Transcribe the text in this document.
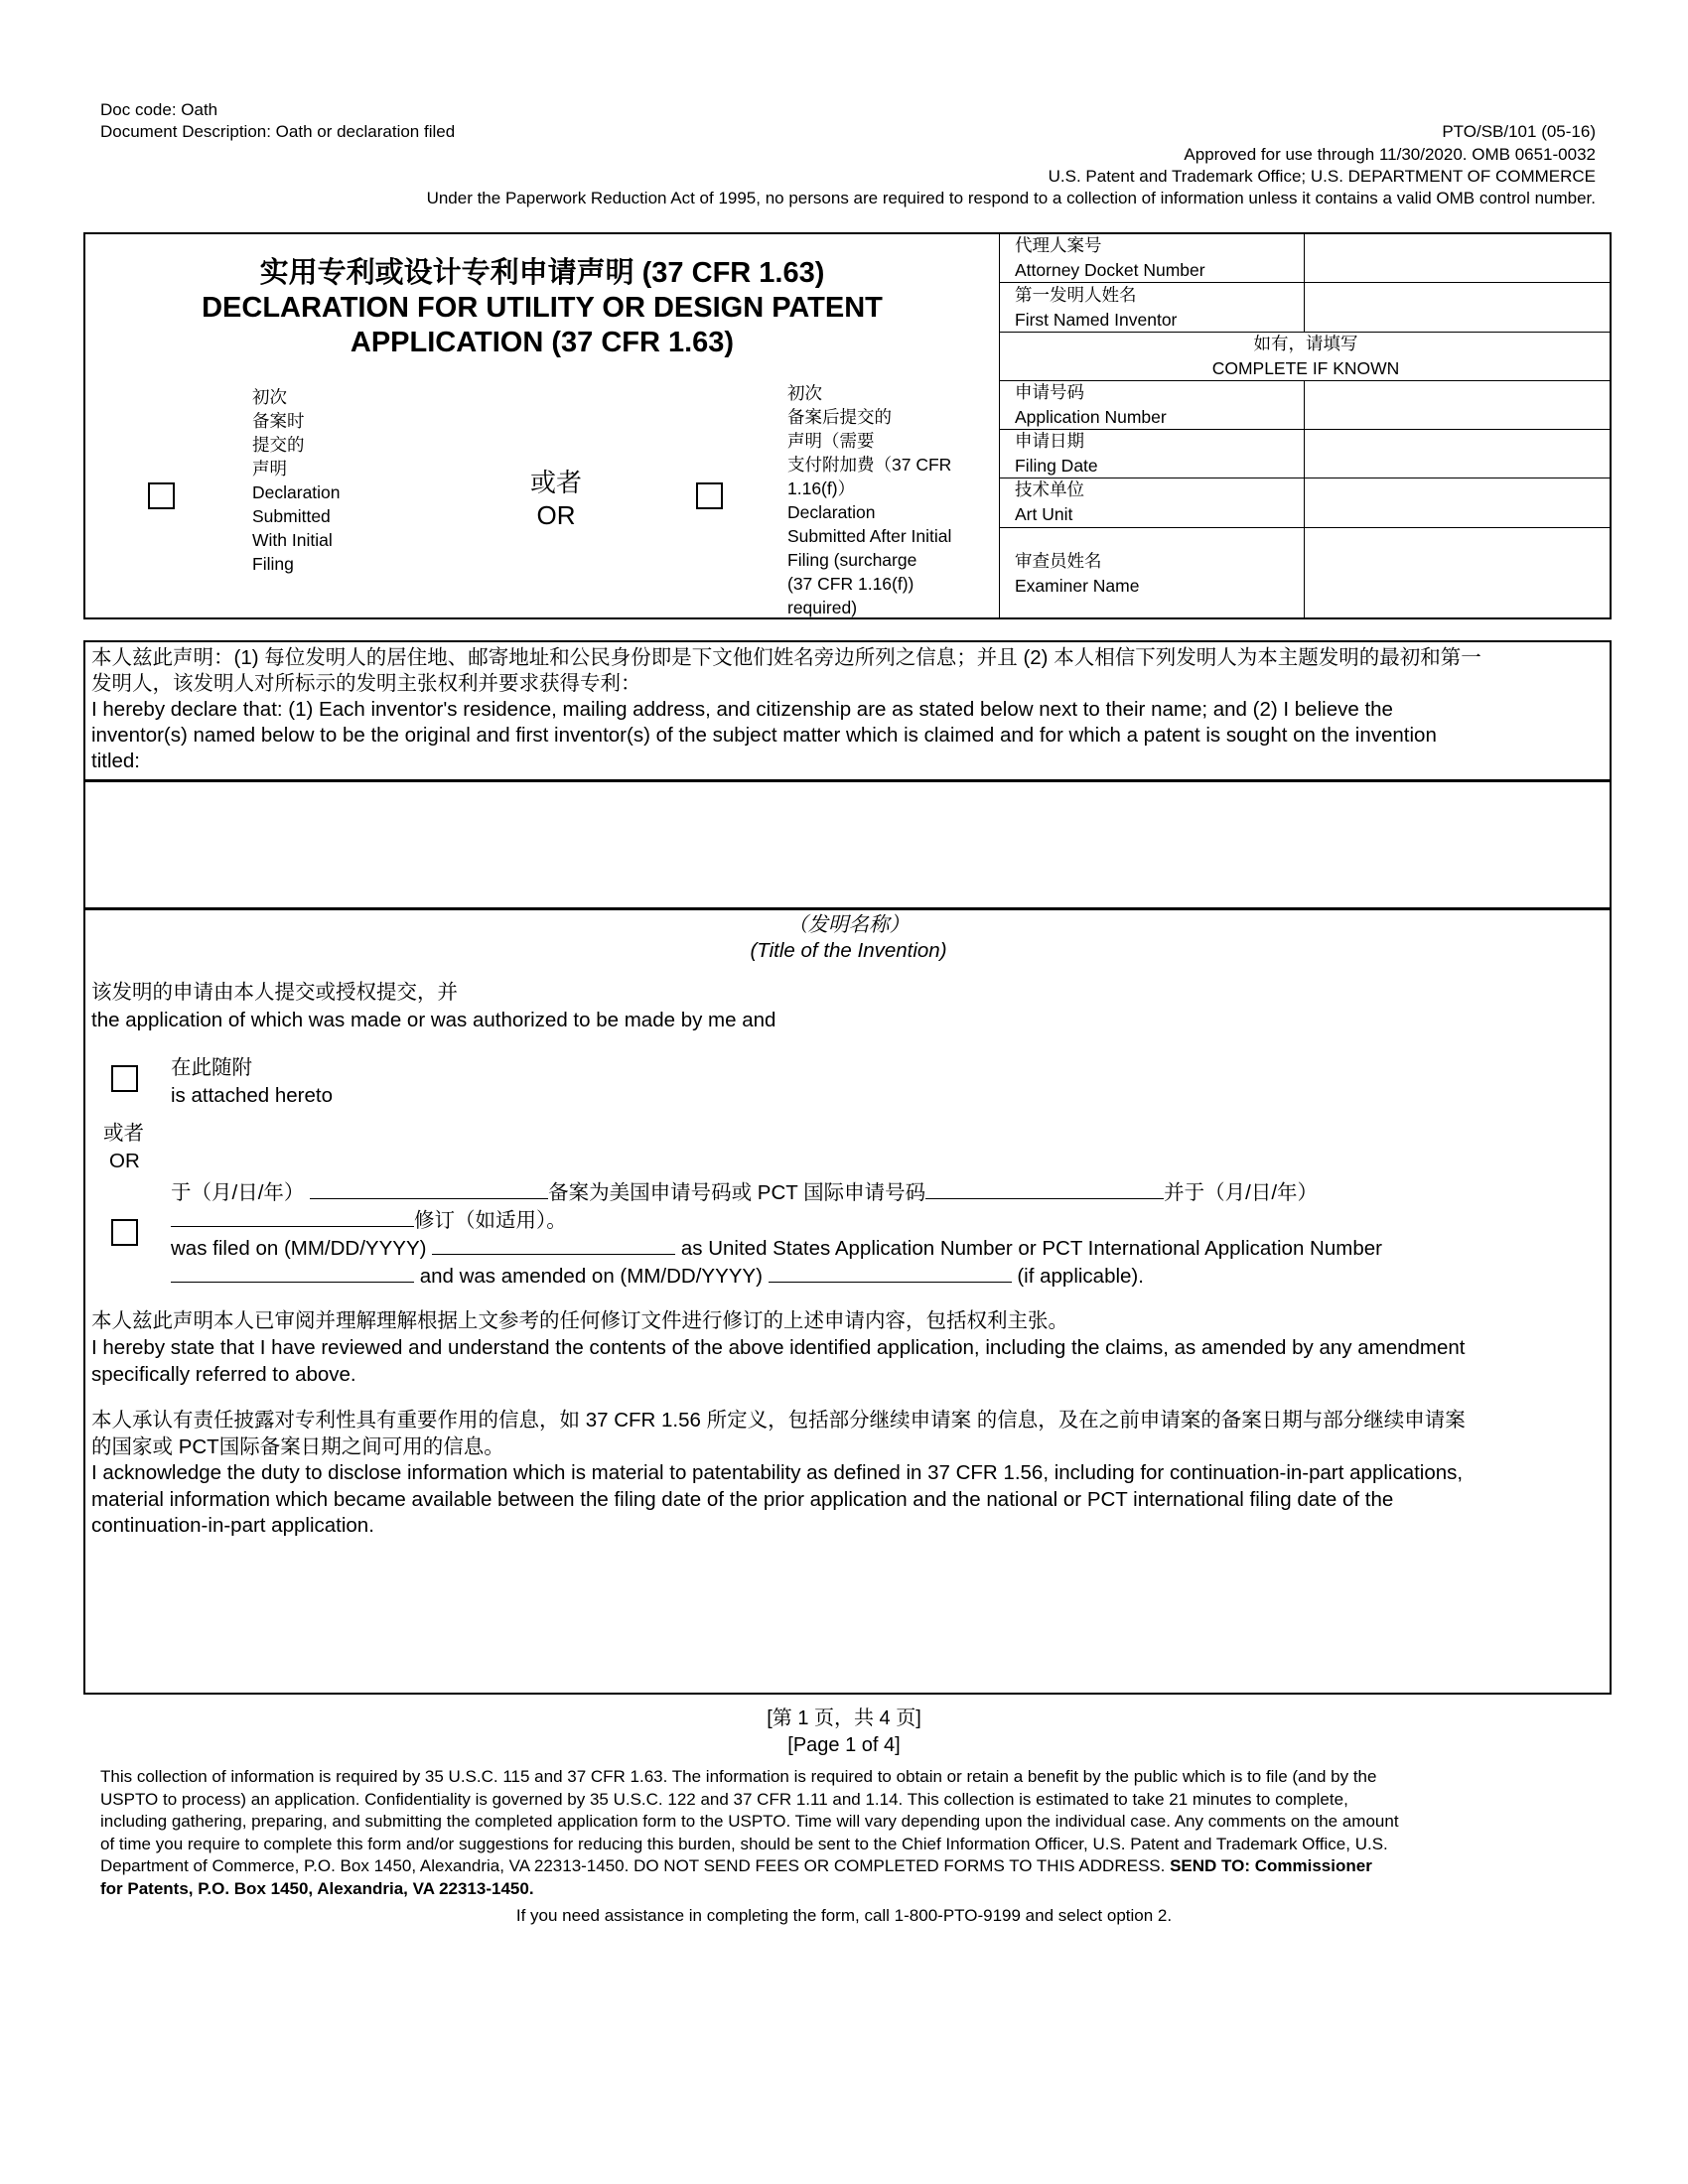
Doc code: Oath
Document Description: Oath or declaration filed	PTO/SB/101 (05-16)
Approved for use through 11/30/2020. OMB 0651-0032
U.S. Patent and Trademark Office; U.S. DEPARTMENT OF COMMERCE
Under the Paperwork Reduction Act of 1995, no persons are required to respond to a collection of information unless it contains a valid OMB control number.
实用专利或设计专利申请声明 (37 CFR 1.63)
DECLARATION FOR UTILITY OR DESIGN PATENT
APPLICATION (37 CFR 1.63)
初次
备案时
提交的
声明
Declaration
Submitted
With Initial
Filing
或者
OR
初次
备案后提交的
声明（需要
支付附加费（37 CFR
1.16(f)）
Declaration
Submitted After Initial
Filing (surcharge
(37 CFR 1.16(f))
required)
代理人案号
Attorney Docket Number
第一发明人姓名
First Named Inventor
如有，请填写
COMPLETE IF KNOWN
申请号码
Application Number
申请日期
Filing Date
技术单位
Art Unit
审查员姓名
Examiner Name
本人兹此声明：(1) 每位发明人的居住地、邮寄地址和公民身份即是下文他们姓名旁边所列之信息；并且 (2) 本人相信下列发明人为本主题发明的最初和第一
发明人，该发明人对所标示的发明主张权利并要求获得专利：
I hereby declare that: (1) Each inventor's residence, mailing address, and citizenship are as stated below next to their name; and (2) I believe the
inventor(s) named below to be the original and first inventor(s) of the subject matter which is claimed and for which a patent is sought on the invention
titled:
（发明名称）
(Title of the Invention)
该发明的申请由本人提交或授权提交，并
the application of which was made or was authorized to be made by me and
在此随附
is attached hereto
或者
OR
于（月/日/年）	备案为美国申请号码或 PCT 国际申请号码	并于（月/日/年）
修订（如适用）。
was filed on (MM/DD/YYYY)	as United States Application Number or PCT International Application Number
and was amended on (MM/DD/YYYY)	(if applicable).
本人兹此声明本人已审阅并理解理解根据上文参考的任何修订文件进行修订的上述申请内容，包括权利主张。
I hereby state that I have reviewed and understand the contents of the above identified application, including the claims, as amended by any amendment
specifically referred to above.
本人承认有责任披露对专利性具有重要作用的信息，如 37 CFR 1.56 所定义，包括部分继续申请案 的信息，及在之前申请案的备案日期与部分继续申请案
的国家或 PCT国际备案日期之间可用的信息。
I acknowledge the duty to disclose information which is material to patentability as defined in 37 CFR 1.56, including for continuation-in-part applications,
material information which became available between the filing date of the prior application and the national or PCT international filing date of the
continuation-in-part application.
[第 1 页，共 4 页]
[Page 1 of 4]
This collection of information is required by 35 U.S.C. 115 and 37 CFR 1.63. The information is required to obtain or retain a benefit by the public which is to file (and by the
USPTO to process) an application. Confidentiality is governed by 35 U.S.C. 122 and 37 CFR 1.11 and 1.14. This collection is estimated to take 21 minutes to complete,
including gathering, preparing, and submitting the completed application form to the USPTO. Time will vary depending upon the individual case. Any comments on the amount
of time you require to complete this form and/or suggestions for reducing this burden, should be sent to the Chief Information Officer, U.S. Patent and Trademark Office, U.S.
Department of Commerce, P.O. Box 1450, Alexandria, VA 22313-1450. DO NOT SEND FEES OR COMPLETED FORMS TO THIS ADDRESS. SEND TO: Commissioner
for Patents, P.O. Box 1450, Alexandria, VA 22313-1450.
If you need assistance in completing the form, call 1-800-PTO-9199 and select option 2.
